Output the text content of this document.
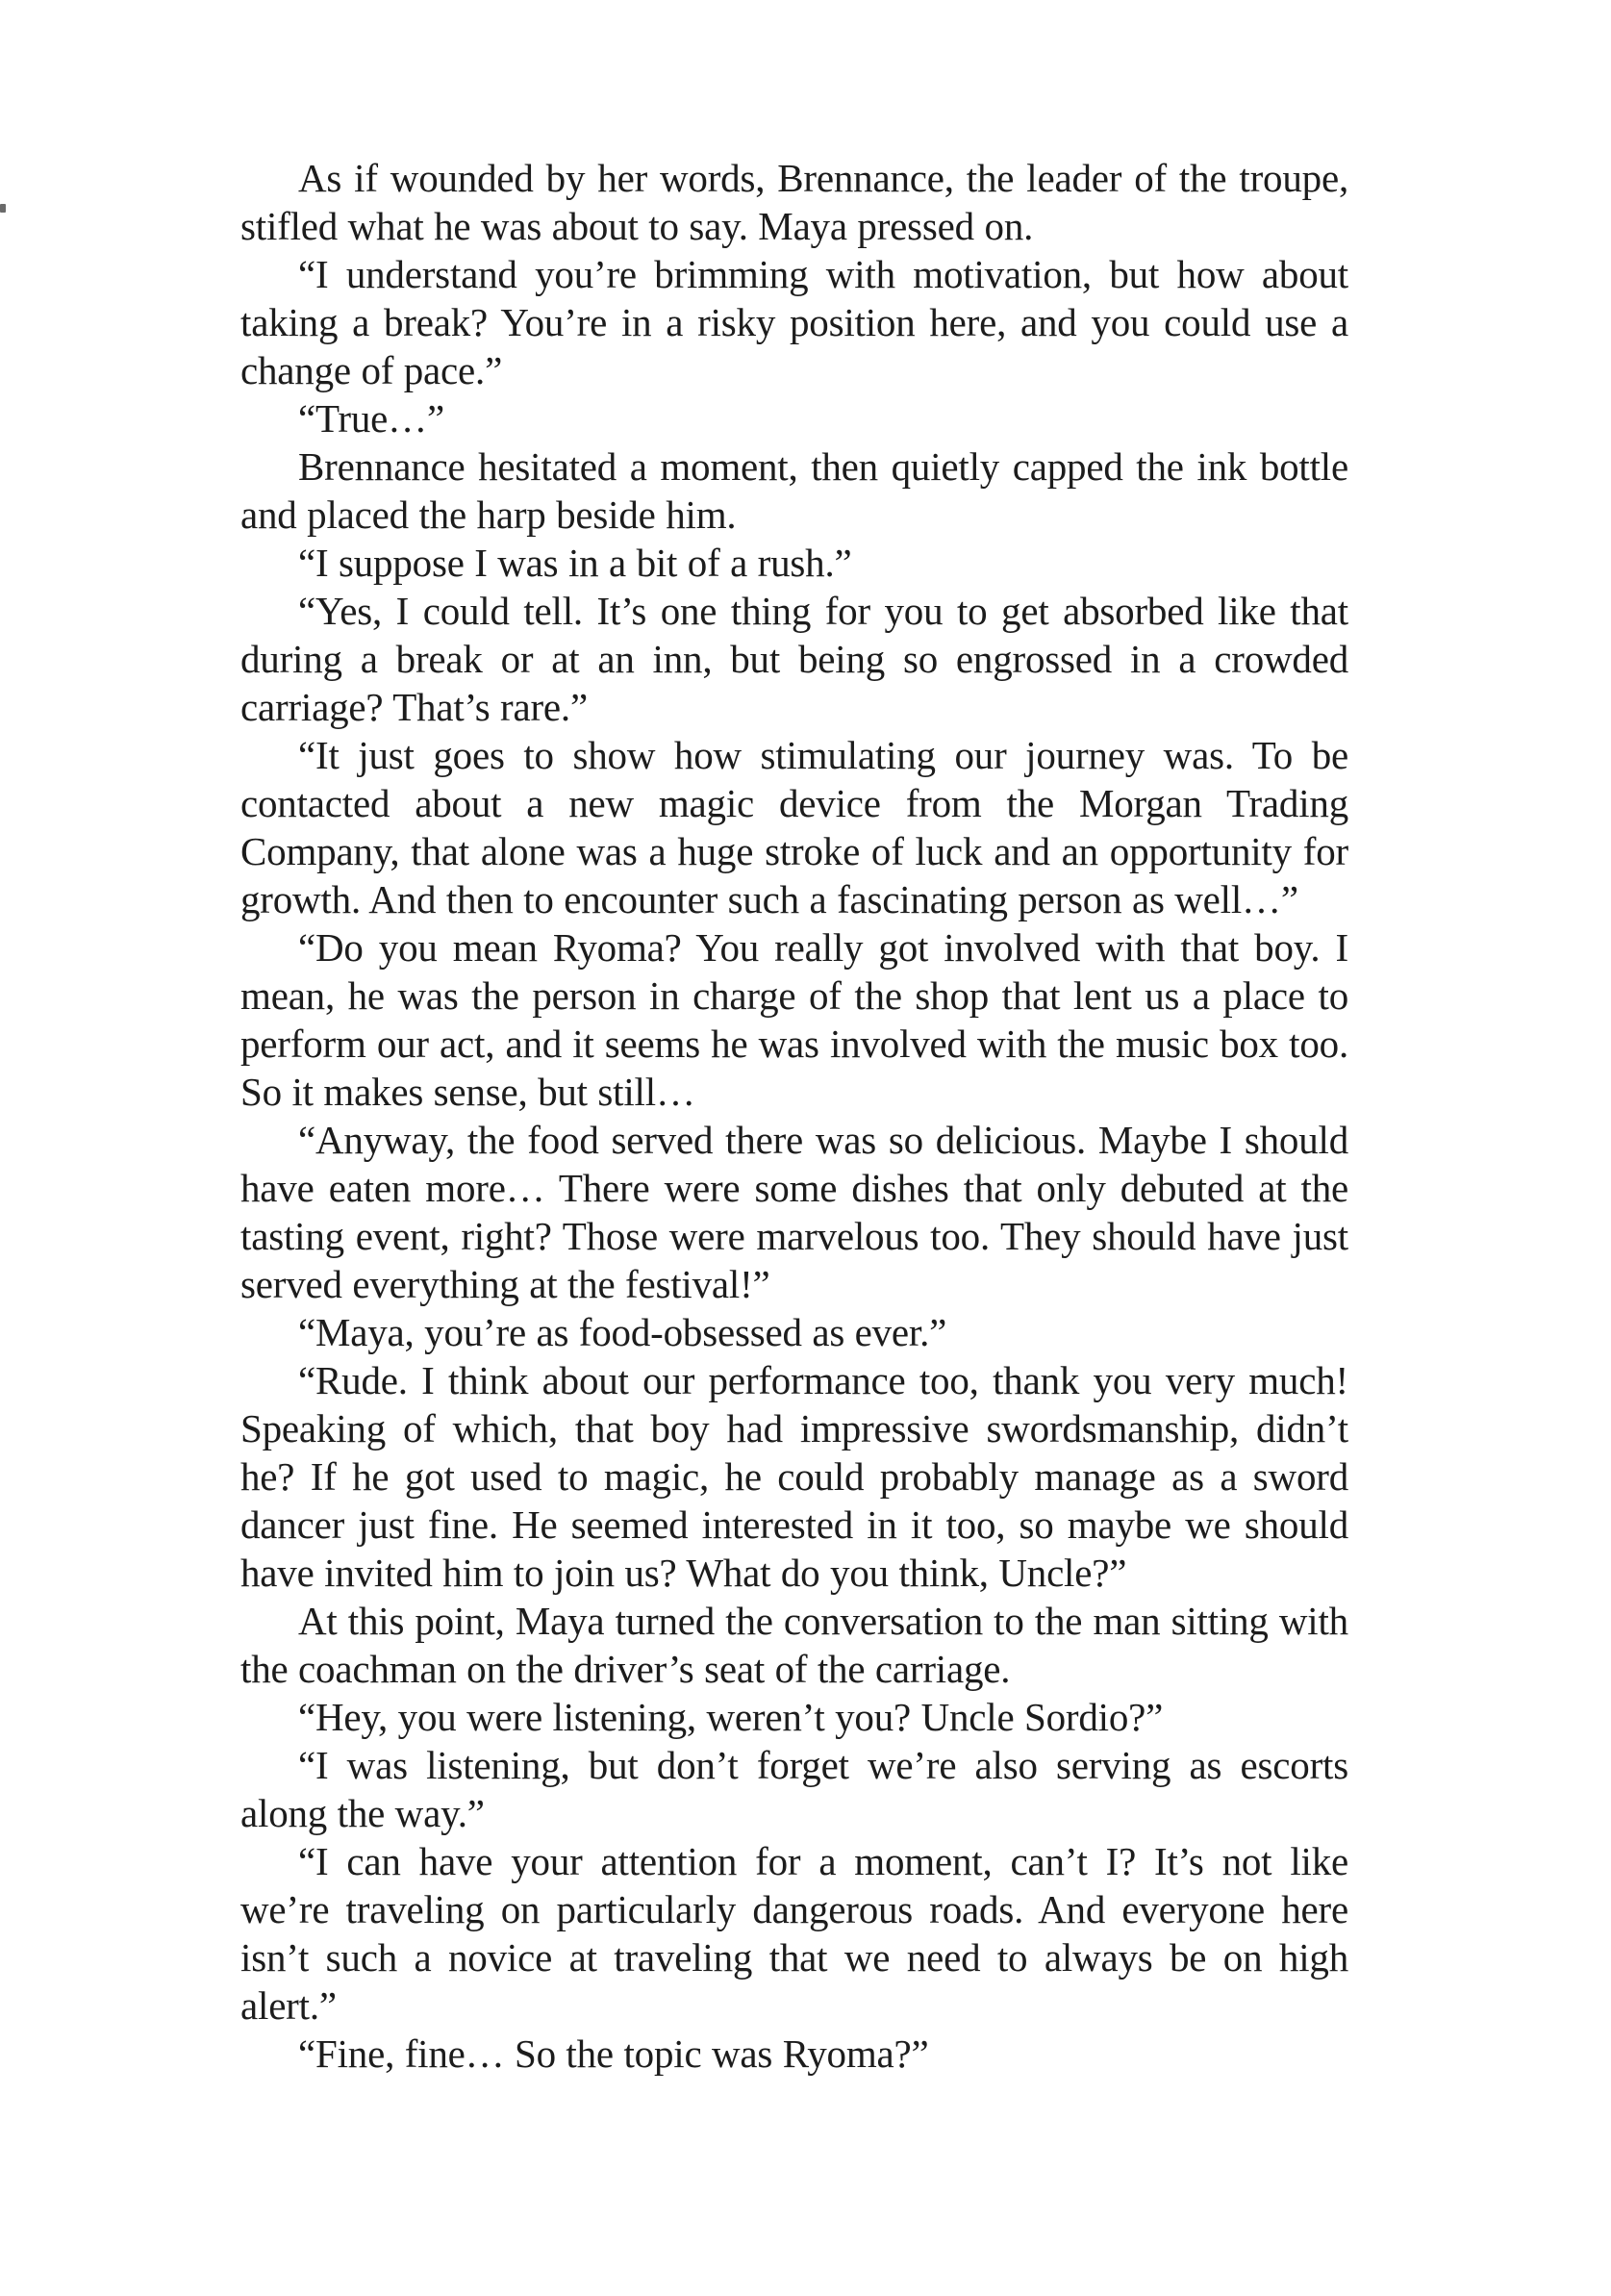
As if wounded by her words, Brennance, the leader of the troupe, stifled what he was about to say. Maya pressed on.

“I understand you’re brimming with motivation, but how about taking a break? You’re in a risky position here, and you could use a change of pace.”

“True…”

Brennance hesitated a moment, then quietly capped the ink bottle and placed the harp beside him.

“I suppose I was in a bit of a rush.”

“Yes, I could tell. It’s one thing for you to get absorbed like that during a break or at an inn, but being so engrossed in a crowded carriage? That’s rare.”

“It just goes to show how stimulating our journey was. To be contacted about a new magic device from the Morgan Trading Company, that alone was a huge stroke of luck and an opportunity for growth. And then to encounter such a fascinating person as well…”

“Do you mean Ryoma? You really got involved with that boy. I mean, he was the person in charge of the shop that lent us a place to perform our act, and it seems he was involved with the music box too. So it makes sense, but still…

“Anyway, the food served there was so delicious. Maybe I should have eaten more… There were some dishes that only debuted at the tasting event, right? Those were marvelous too. They should have just served everything at the festival!”

“Maya, you’re as food-obsessed as ever.”

“Rude. I think about our performance too, thank you very much! Speaking of which, that boy had impressive swordsmanship, didn’t he? If he got used to magic, he could probably manage as a sword dancer just fine. He seemed interested in it too, so maybe we should have invited him to join us? What do you think, Uncle?”

At this point, Maya turned the conversation to the man sitting with the coachman on the driver’s seat of the carriage.

“Hey, you were listening, weren’t you? Uncle Sordio?”

“I was listening, but don’t forget we’re also serving as escorts along the way.”

“I can have your attention for a moment, can’t I? It’s not like we’re traveling on particularly dangerous roads. And everyone here isn’t such a novice at traveling that we need to always be on high alert.”

“Fine, fine… So the topic was Ryoma?”
